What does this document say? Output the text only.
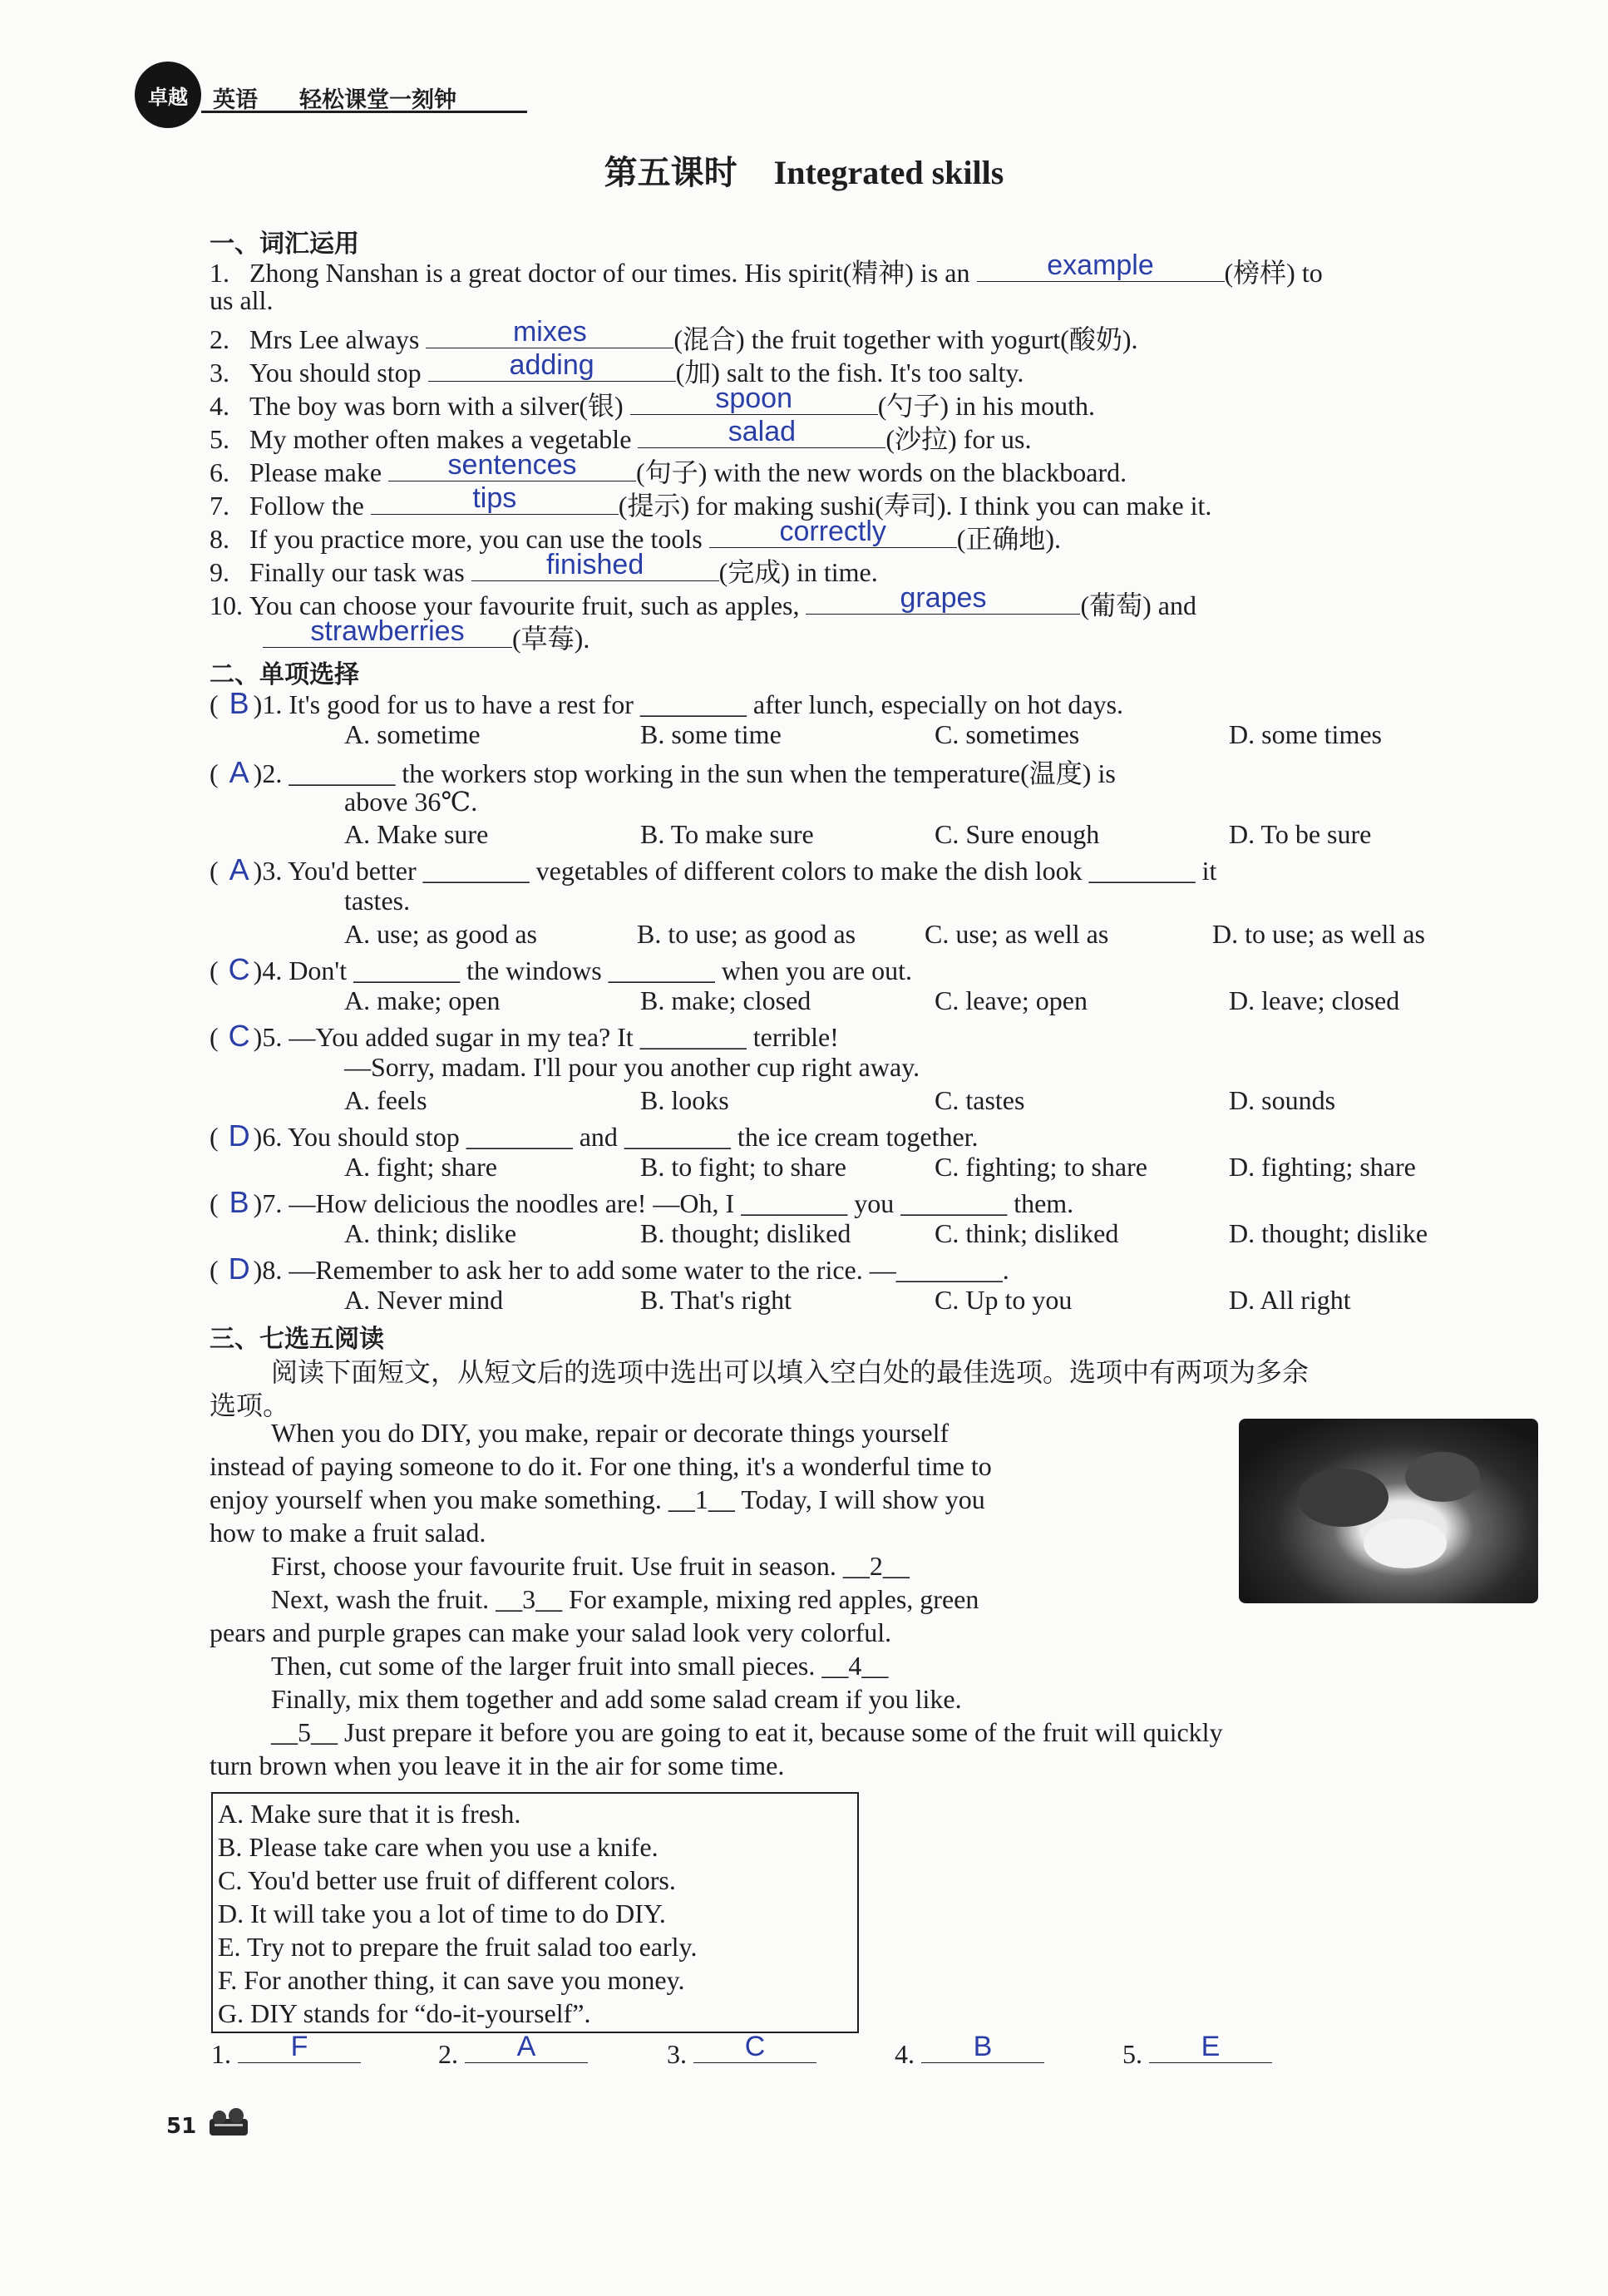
卓越 英语 轻松课堂一刻钟
第五课时 Integrated skills
一、词汇运用
1. Zhong Nanshan is a great doctor of our times. His spirit(精神) is an	example	(榜样) to
us all.
2. Mrs Lee always	mixes	(混合) the fruit together with yogurt(酸奶).
3. You should stop	adding	(加) salt to the fish. It's too salty.
4. The boy was born with a silver(银)	spoon	(勺子) in his mouth.
5. My mother often makes a vegetable	salad	(沙拉) for us.
6. Please make	sentences	(句子) with the new words on the blackboard.
7. Follow the	tips	(提示) for making sushi(寿司). I think you can make it.
8. If you practice more, you can use the tools	correctly	(正确地).
9. Finally our task was	finished	(完成) in time.
10. You can choose your favourite fruit, such as apples,	grapes	(葡萄) and
strawberries	(草莓).
二、单项选择
( B )1. It's good for us to have a rest for ________ after lunch, especially on hot days.
A. sometime	B. some time	C. sometimes	D. some times
( A )2. ________ the workers stop working in the sun when the temperature(温度) is
above 36℃.
A. Make sure	B. To make sure	C. Sure enough	D. To be sure
( A )3. You'd better ________ vegetables of different colors to make the dish look ________ it
tastes.
A. use; as good as	B. to use; as good as	C. use; as well as	D. to use; as well as
( C )4. Don't ________ the windows ________ when you are out.
A. make; open	B. make; closed	C. leave; open	D. leave; closed
( C )5. —You added sugar in my tea? It ________ terrible!
—Sorry, madam. I'll pour you another cup right away.
A. feels	B. looks	C. tastes	D. sounds
( D )6. You should stop ________ and ________ the ice cream together.
A. fight; share	B. to fight; to share	C. fighting; to share	D. fighting; share
( B )7. —How delicious the noodles are! —Oh, I ________ you ________ them.
A. think; dislike	B. thought; disliked	C. think; disliked	D. thought; dislike
( D )8. —Remember to ask her to add some water to the rice. —________.
A. Never mind	B. That's right	C. Up to you	D. All right
三、七选五阅读
阅读下面短文，从短文后的选项中选出可以填入空白处的最佳选项。选项中有两项为多余
选项。
When you do DIY, you make, repair or decorate things yourself
instead of paying someone to do it. For one thing, it's a wonderful time to
enjoy yourself when you make something. __1__ Today, I will show you
how to make a fruit salad.
First, choose your favourite fruit. Use fruit in season. __2__
Next, wash the fruit. __3__ For example, mixing red apples, green
pears and purple grapes can make your salad look very colorful.
Then, cut some of the larger fruit into small pieces. __4__
Finally, mix them together and add some salad cream if you like.
__5__ Just prepare it before you are going to eat it, because some of the fruit will quickly
turn brown when you leave it in the air for some time.
A. Make sure that it is fresh.
B. Please take care when you use a knife.
C. You'd better use fruit of different colors.
D. It will take you a lot of time to do DIY.
E. Try not to prepare the fruit salad too early.
F. For another thing, it can save you money.
G. DIY stands for “do-it-yourself”.
1.	F	2.	A	3.	C	4.	B	5.	E
51
